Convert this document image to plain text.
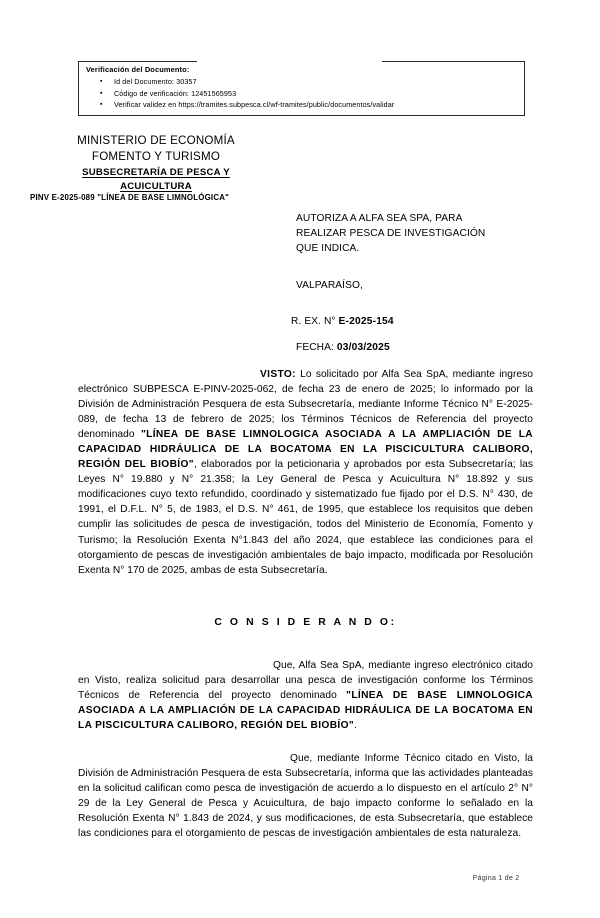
Verificación del Documento:
▪ Id del Documento: 30357
▪ Código de verificación: 12451565953
▪ Verificar validez en https://tramites.subpesca.cl/wf-tramites/public/documentos/validar
MINISTERIO DE ECONOMÍA
FOMENTO Y TURISMO
SUBSECRETARÍA DE PESCA Y
ACUICULTURA
PINV E-2025-089 "LÍNEA DE BASE LIMNOLÓGICA"
AUTORIZA A ALFA SEA SPA, PARA
REALIZAR PESCA DE INVESTIGACIÓN
QUE INDICA.
VALPARAÍSO,
R. EX. N° E-2025-154
FECHA: 03/03/2025
VISTO: Lo solicitado por Alfa Sea SpA, mediante ingreso electrónico SUBPESCA E-PINV-2025-062, de fecha 23 de enero de 2025; lo informado por la División de Administración Pesquera de esta Subsecretaría, mediante Informe Técnico N° E-2025-089, de fecha 13 de febrero de 2025; los Términos Técnicos de Referencia del proyecto denominado "LÍNEA DE BASE LIMNOLOGICA ASOCIADA A LA AMPLIACIÓN DE LA CAPACIDAD HIDRÁULICA DE LA BOCATOMA EN LA PISCICULTURA CALIBORO, REGIÓN DEL BIOBÍO", elaborados por la peticionaria y aprobados por esta Subsecretaría; las Leyes N° 19.880 y N° 21.358; la Ley General de Pesca y Acuicultura N° 18.892 y sus modificaciones cuyo texto refundido, coordinado y sistematizado fue fijado por el D.S. N° 430, de 1991, el D.F.L. N° 5, de 1983, el D.S. N° 461, de 1995, que establece los requisitos que deben cumplir las solicitudes de pesca de investigación, todos del Ministerio de Economía, Fomento y Turismo; la Resolución Exenta N°1.843 del año 2024, que establece las condiciones para el otorgamiento de pescas de investigación ambientales de bajo impacto, modificada por Resolución Exenta N° 170 de 2025, ambas de esta Subsecretaría.
C O N S I D E R A N D O:
Que, Alfa Sea SpA, mediante ingreso electrónico citado en Visto, realiza solicitud para desarrollar una pesca de investigación conforme los Términos Técnicos de Referencia del proyecto denominado "LÍNEA DE BASE LIMNOLOGICA ASOCIADA A LA AMPLIACIÓN DE LA CAPACIDAD HIDRÁULICA DE LA BOCATOMA EN LA PISCICULTURA CALIBORO, REGIÓN DEL BIOBÍO".
Que, mediante Informe Técnico citado en Visto, la División de Administración Pesquera de esta Subsecretaría, informa que las actividades planteadas en la solicitud califican como pesca de investigación de acuerdo a lo dispuesto en el artículo 2° N° 29 de la Ley General de Pesca y Acuicultura, de bajo impacto conforme lo señalado en la Resolución Exenta N° 1.843 de 2024, y sus modificaciones, de esta Subsecretaría, que establece las condiciones para el otorgamiento de pescas de investigación ambientales de esta naturaleza.
Página 1 de 2
